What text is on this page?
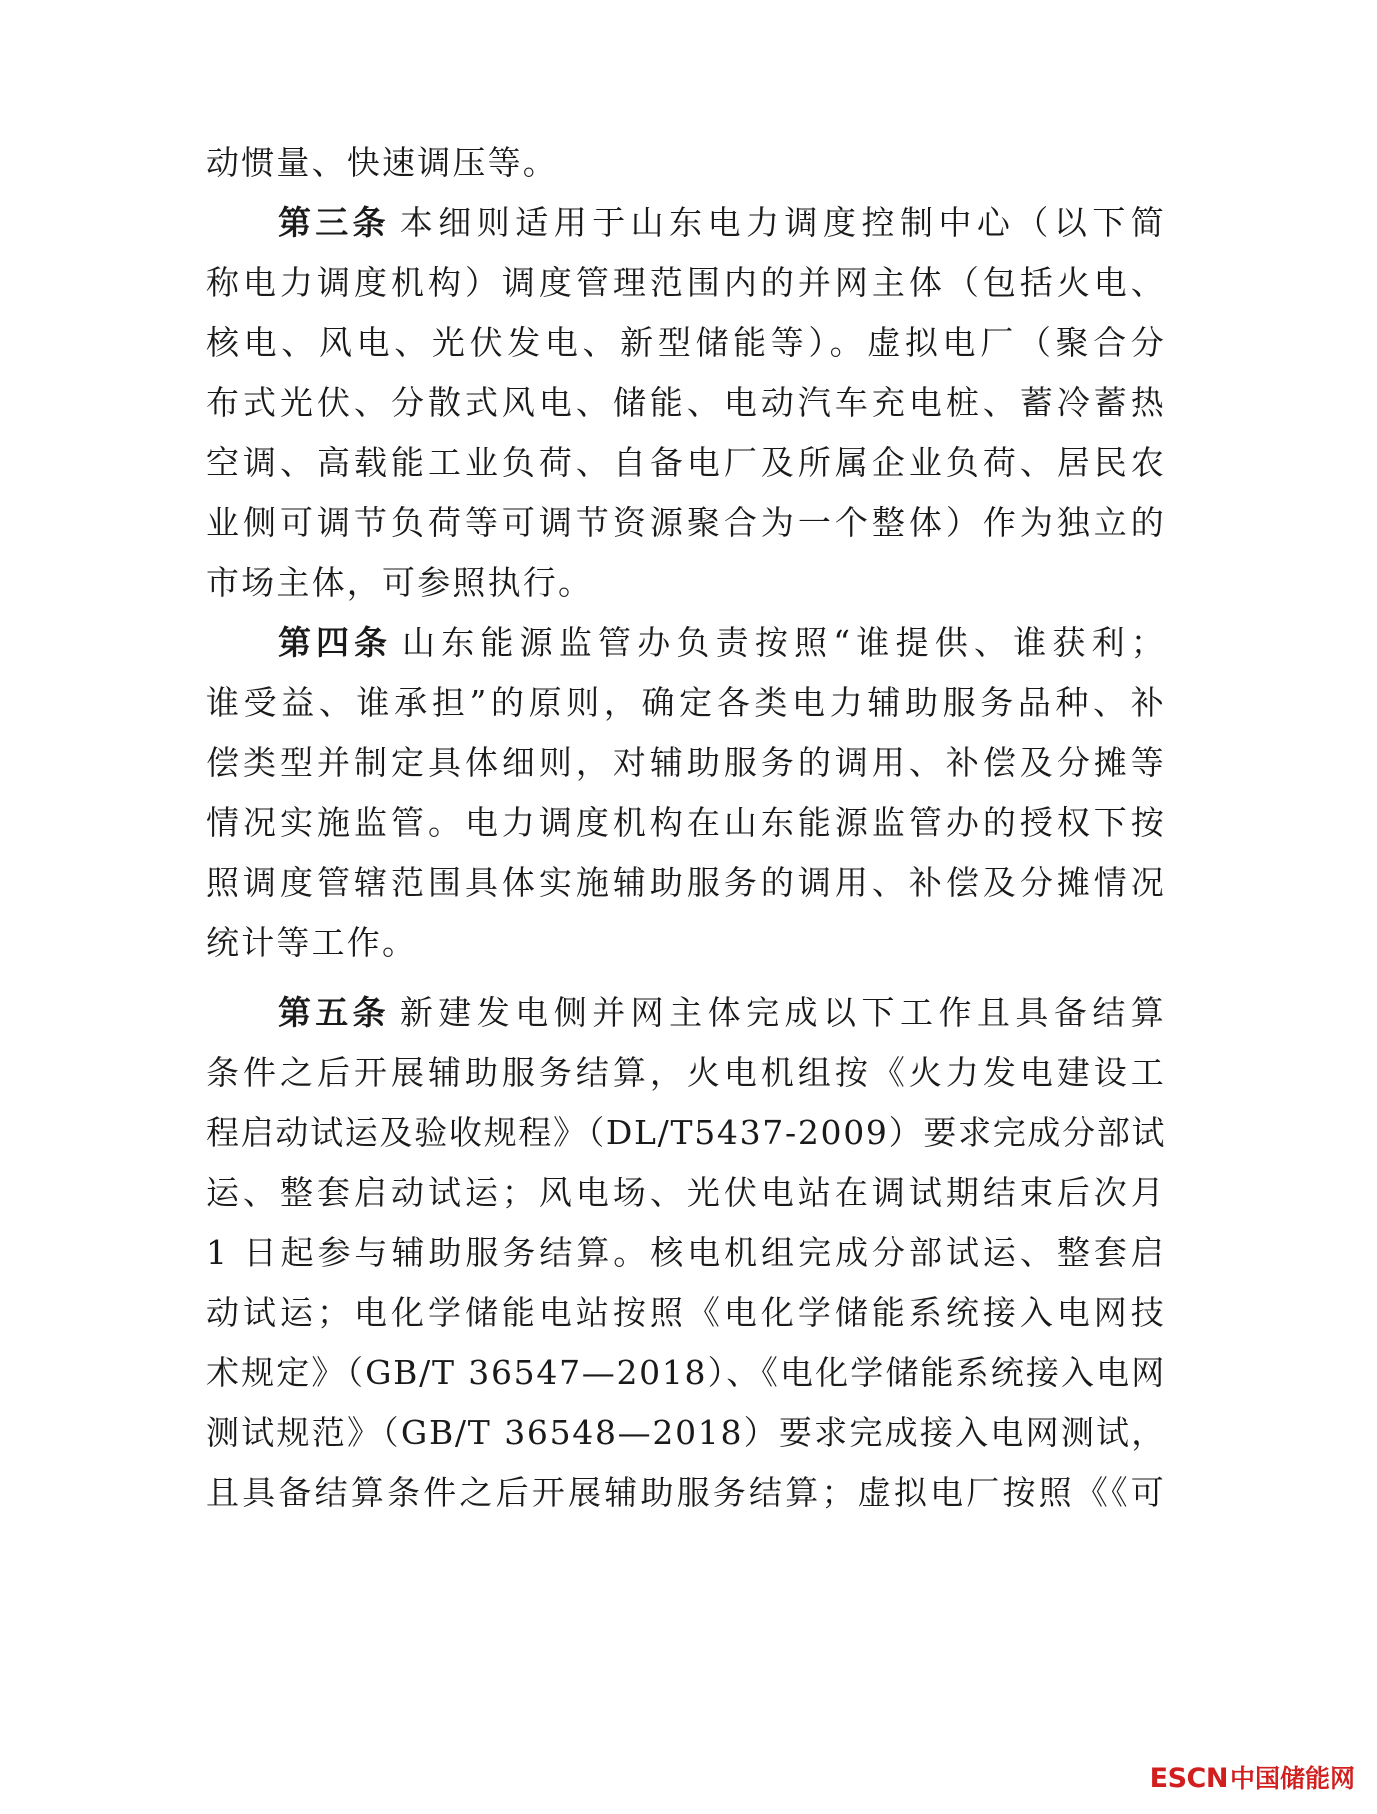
动惯量、快速调压等。
第三条 本细则适用于山东电力调度控制中心（以下简
称电力调度机构）调度管理范围内的并网主体（包括火电、
核电、风电、光伏发电、新型储能等）。虚拟电厂（聚合分
布式光伏、分散式风电、储能、电动汽车充电桩、蓄冷蓄热
空调、高载能工业负荷、自备电厂及所属企业负荷、居民农
业侧可调节负荷等可调节资源聚合为一个整体）作为独立的
市场主体，可参照执行。
第四条 山东能源监管办负责按照“谁提供、谁获利；
谁受益、谁承担”的原则，确定各类电力辅助服务品种、补
偿类型并制定具体细则，对辅助服务的调用、补偿及分摊等
情况实施监管。电力调度机构在山东能源监管办的授权下按
照调度管辖范围具体实施辅助服务的调用、补偿及分摊情况
统计等工作。
第五条 新建发电侧并网主体完成以下工作且具备结算
条件之后开展辅助服务结算，火电机组按《火力发电建设工
程启动试运及验收规程》（DL/T5437-2009）要求完成分部试
运、整套启动试运；风电场、光伏电站在调试期结束后次月
1 日起参与辅助服务结算。核电机组完成分部试运、整套启
动试运；电化学储能电站按照《电化学储能系统接入电网技
术规定》（GB/T 36547—2018）、《电化学储能系统接入电网
测试规范》（GB/T 36548—2018）要求完成接入电网测试，
且具备结算条件之后开展辅助服务结算；虚拟电厂按照《《可
ESCN 中国储能网
